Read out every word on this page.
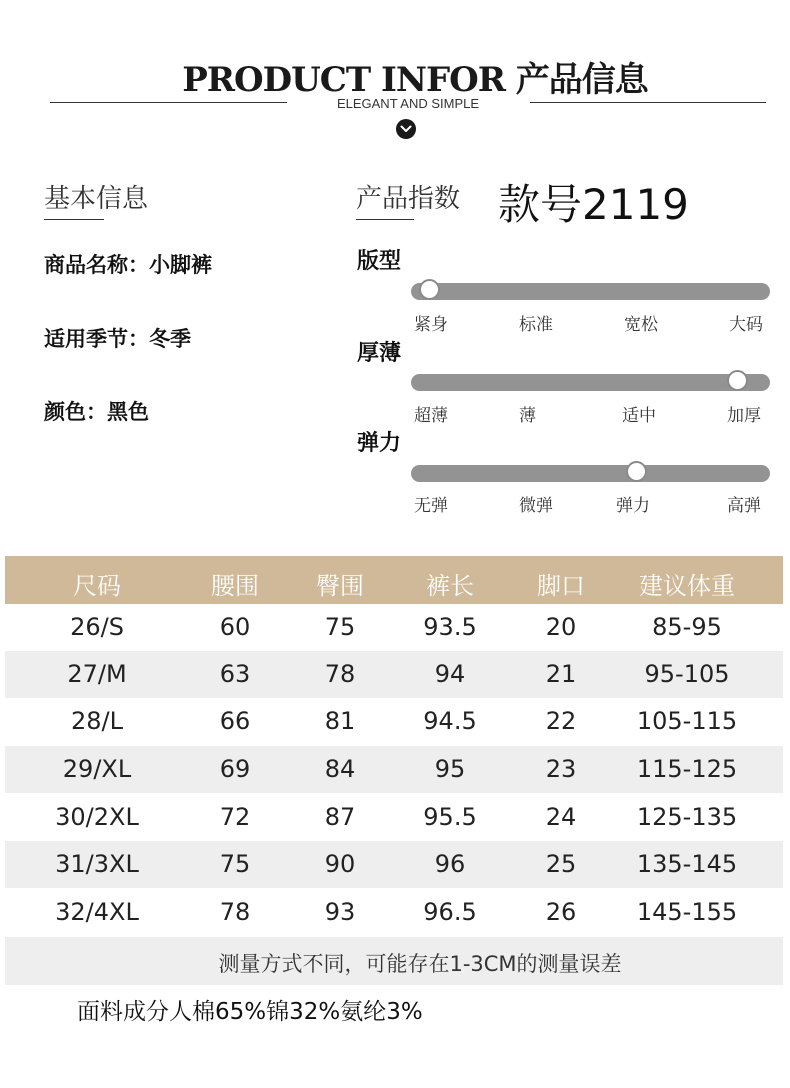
PRODUCT INFOR 产品信息
ELEGANT AND SIMPLE
基本信息
商品名称：小脚裤
适用季节：冬季
颜色：黑色
产品指数 款号2119
版型
紧身	标准	宽松	大码
厚薄
超薄	薄	适中	加厚
弹力
无弹	微弹	弹力	高弹
尺码	腰围 臀围	裤长	脚口 建议体重
26/S	60	75	93.5	20	85-95
27/M	63	78	94	21	95-105
28/L	66	81	94.5	22	105-115
29/XL	69	84	95	23	115-125
30/2XL	72	87	95.5	24	125-135
31/3XL	75	90	96	25	135-145
32/4XL	78	93	96.5	26	145-155
测量方式不同，可能存在1-3CM的测量误差
面料成分人棉65%锦32%氨纶3%
